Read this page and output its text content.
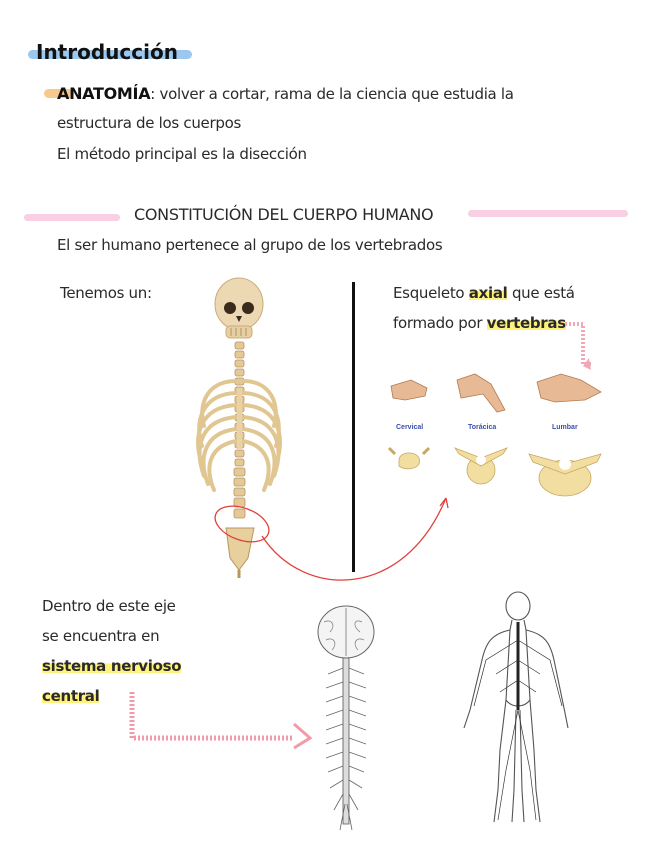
Introducción
ANATOMÍA: volver a cortar, rama de la ciencia que estudia la
estructura de los cuerpos
El método principal es la disección
CONSTITUCIÓN DEL CUERPO HUMANO
El ser humano pertenece al grupo de los vertebrados
Tenemos un:	Esqueleto axial que está
formado por vertebras
Cervical	Torácica	Lumbar
Dentro de este eje
se encuentra en
sistema nervioso
central
